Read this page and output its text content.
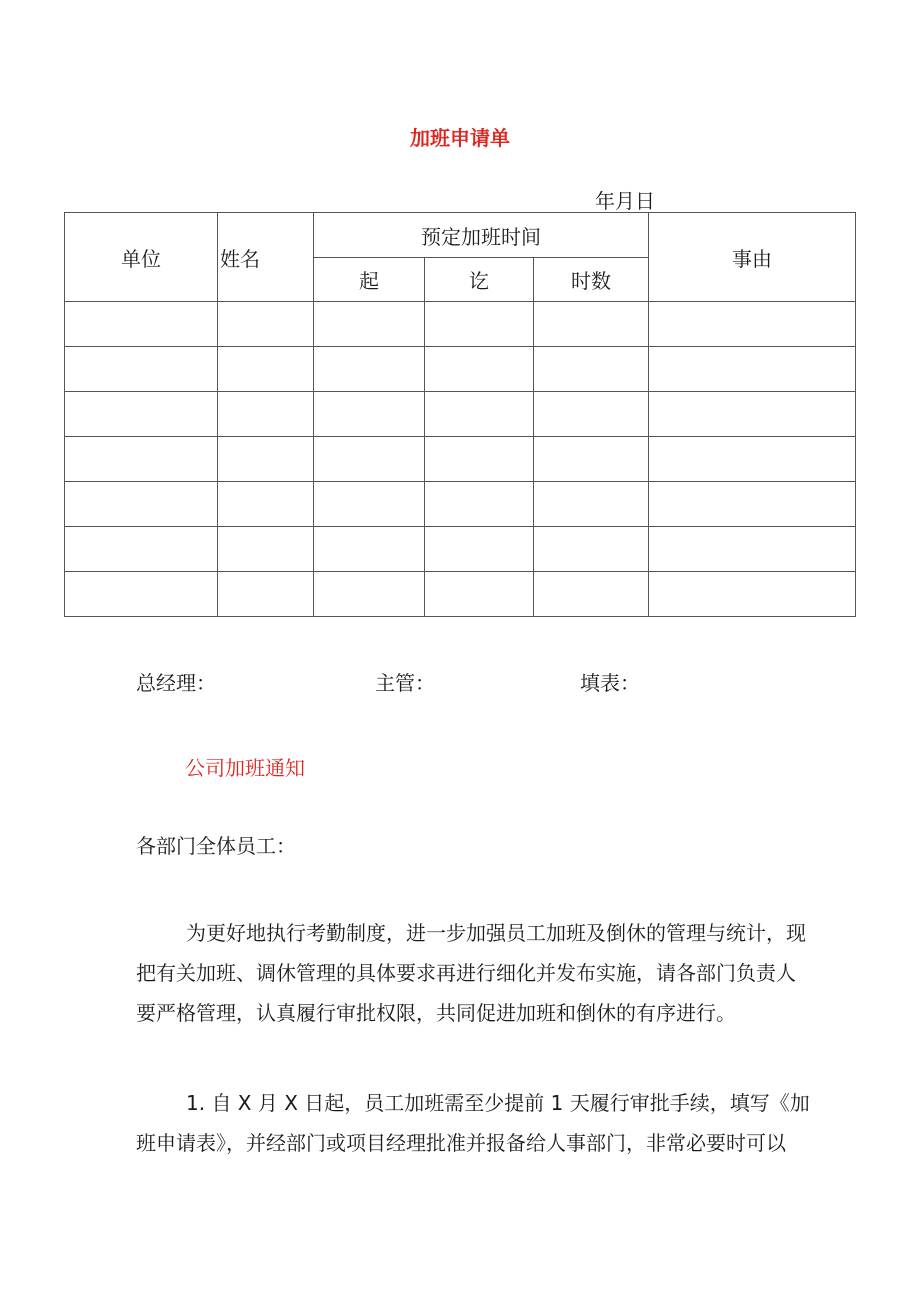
加班申请单
年月日
单位	姓名	预定加班时间			事由
		起	讫	时数	

总经理：	主管：	填表：
公司加班通知
各部门全体员工：
为更好地执行考勤制度，进一步加强员工加班及倒休的管理与统计，现
把有关加班、调休管理的具体要求再进行细化并发布实施，请各部门负责人
要严格管理，认真履行审批权限，共同促进加班和倒休的有序进行。
1. 自 X 月 X 日起，员工加班需至少提前 1 天履行审批手续，填写《加
班申请表》，并经部门或项目经理批准并报备给人事部门，非常必要时可以
